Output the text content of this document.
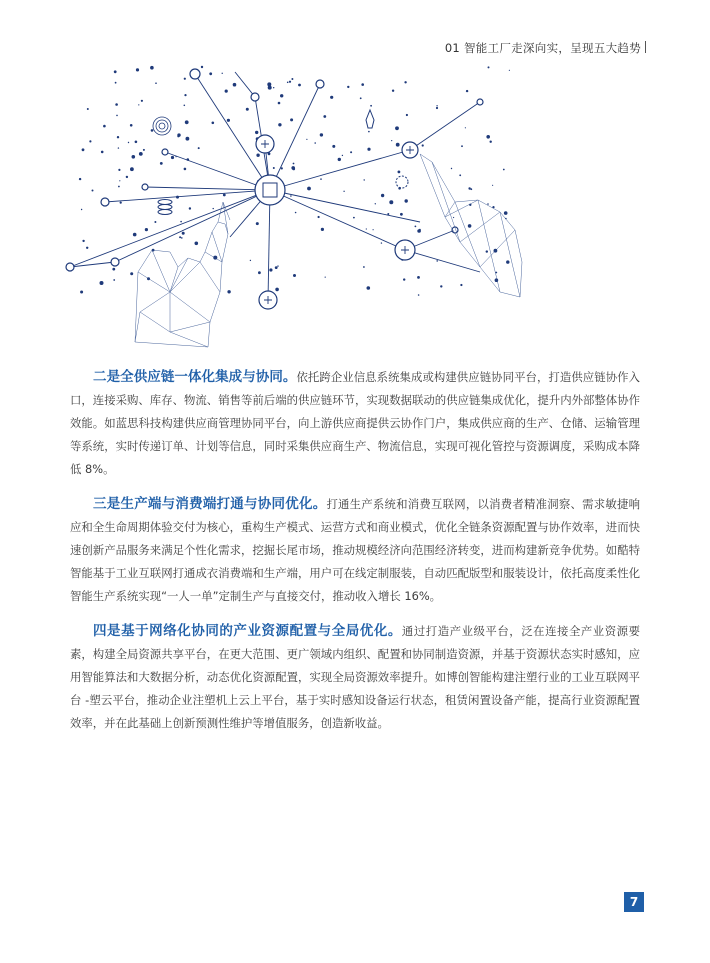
01 智能工厂走深向实，呈现五大趋势

二是全供应链一体化集成与协同。依托跨企业信息系统集成或构建供应链协同平台，打造供应链协作入口，连接采购、库存、物流、销售等前后端的供应链环节，实现数据联动的供应链集成优化，提升内外部整体协作效能。如蓝思科技构建供应商管理协同平台，向上游供应商提供云协作门户，集成供应商的生产、仓储、运输管理等系统，实时传递订单、计划等信息，同时采集供应商生产、物流信息，实现可视化管控与资源调度，采购成本降低 8%。

三是生产端与消费端打通与协同优化。打通生产系统和消费互联网，以消费者精准洞察、需求敏捷响应和全生命周期体验交付为核心，重构生产模式、运营方式和商业模式，优化全链条资源配置与协作效率，进而快速创新产品服务来满足个性化需求，挖掘长尾市场，推动规模经济向范围经济转变，进而构建新竞争优势。如酷特智能基于工业互联网打通成衣消费端和生产端，用户可在线定制服装，自动匹配版型和服装设计，依托高度柔性化智能生产系统实现“一人一单”定制生产与直接交付，推动收入增长 16%。

四是基于网络化协同的产业资源配置与全局优化。通过打造产业级平台，泛在连接全产业资源要素，构建全局资源共享平台，在更大范围、更广领域内组织、配置和协同制造资源，并基于资源状态实时感知，应用智能算法和大数据分析，动态优化资源配置，实现全局资源效率提升。如博创智能构建注塑行业的工业互联网平台 -塑云平台，推动企业注塑机上云上平台，基于实时感知设备运行状态，租赁闲置设备产能，提高行业资源配置效率，并在此基础上创新预测性维护等增值服务，创造新收益。

7
